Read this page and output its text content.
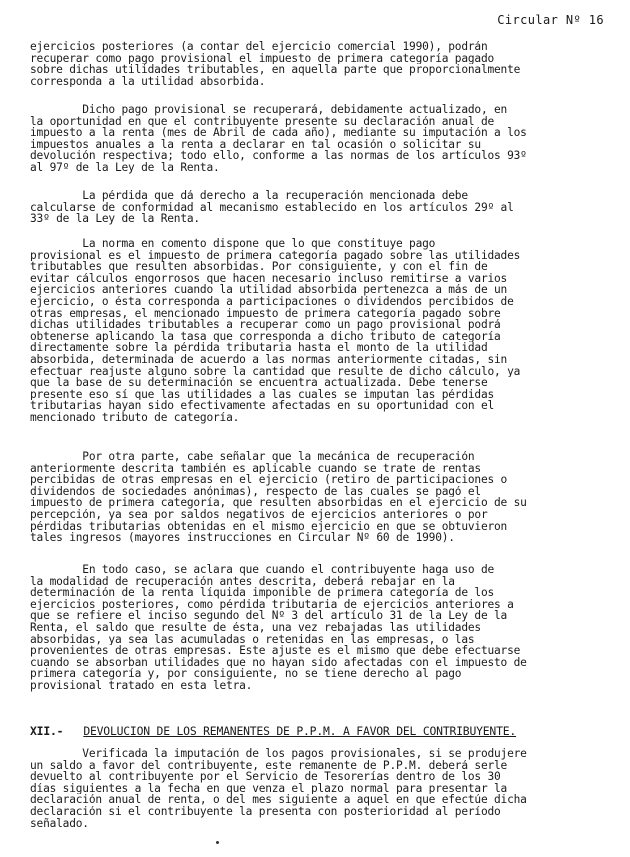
Circular Nº 16
ejercicios posteriores (a contar del ejercicio comercial 1990), podrán
recuperar como pago provisional el impuesto de primera categoría pagado
sobre dichas utilidades tributables, en aquella parte que proporcionalmente
corresponda a la utilidad absorbida.
Dicho pago provisional se recuperará, debidamente actualizado, en
la oportunidad en que el contribuyente presente su declaración anual de
impuesto a la renta (mes de Abril de cada año), mediante su imputación a los
impuestos anuales a la renta a declarar en tal ocasión o solicitar su
devolución respectiva; todo ello, conforme a las normas de los artículos 93º
al 97º de la Ley de la Renta.
La pérdida que dá derecho a la recuperación mencionada debe
calcularse de conformidad al mecanismo establecido en los artículos 29º al
33º de la Ley de la Renta.
La norma en comento dispone que lo que constituye pago
provisional es el impuesto de primera categoría pagado sobre las utilidades
tributables que resulten absorbidas. Por consiguiente, y con el fin de
evitar cálculos engorrosos que hacen necesario incluso remitirse a varios
ejercicios anteriores cuando la utilidad absorbida pertenezca a más de un
ejercicio, o ésta corresponda a participaciones o dividendos percibidos de
otras empresas, el mencionado impuesto de primera categoría pagado sobre
dichas utilidades tributables a recuperar como un pago provisional podrá
obtenerse aplicando la tasa que corresponda a dicho tributo de categoría
directamente sobre la pérdida tributaria hasta el monto de la utilidad
absorbida, determinada de acuerdo a las normas anteriormente citadas, sin
efectuar reajuste alguno sobre la cantidad que resulte de dicho cálculo, ya
que la base de su determinación se encuentra actualizada. Debe tenerse
presente eso sí que las utilidades a las cuales se imputan las pérdidas
tributarias hayan sido efectivamente afectadas en su oportunidad con el
mencionado tributo de categoría.
Por otra parte, cabe señalar que la mecánica de recuperación
anteriormente descrita también es aplicable cuando se trate de rentas
percibidas de otras empresas en el ejercicio (retiro de participaciones o
dividendos de sociedades anónimas), respecto de las cuales se pagó el
impuesto de primera categoría, que resulten absorbidas en el ejercicio de su
percepción, ya sea por saldos negativos de ejercicios anteriores o por
pérdidas tributarias obtenidas en el mismo ejercicio en que se obtuvieron
tales ingresos (mayores instrucciones en Circular Nº 60 de 1990).
En todo caso, se aclara que cuando el contribuyente haga uso de
la modalidad de recuperación antes descrita, deberá rebajar en la
determinación de la renta líquida imponible de primera categoría de los
ejercicios posteriores, como pérdida tributaria de ejercicios anteriores a
que se refiere el inciso segundo del Nº 3 del artículo 31 de la Ley de la
Renta, el saldo que resulte de ésta, una vez rebajadas las utilidades
absorbidas, ya sea las acumuladas o retenidas en las empresas, o las
provenientes de otras empresas. Este ajuste es el mismo que debe efectuarse
cuando se absorban utilidades que no hayan sido afectadas con el impuesto de
primera categoría y, por consiguiente, no se tiene derecho al pago
provisional tratado en esta letra.
XII.- DEVOLUCION DE LOS REMANENTES DE P.P.M. A FAVOR DEL CONTRIBUYENTE.
Verificada la imputación de los pagos provisionales, si se produjere
un saldo a favor del contribuyente, este remanente de P.P.M. deberá serle
devuelto al contribuyente por el Servicio de Tesorerías dentro de los 30
días siguientes a la fecha en que venza el plazo normal para presentar la
declaración anual de renta, o del mes siguiente a aquel en que efectúe dicha
declaración si el contribuyente la presenta con posterioridad al período
señalado.
